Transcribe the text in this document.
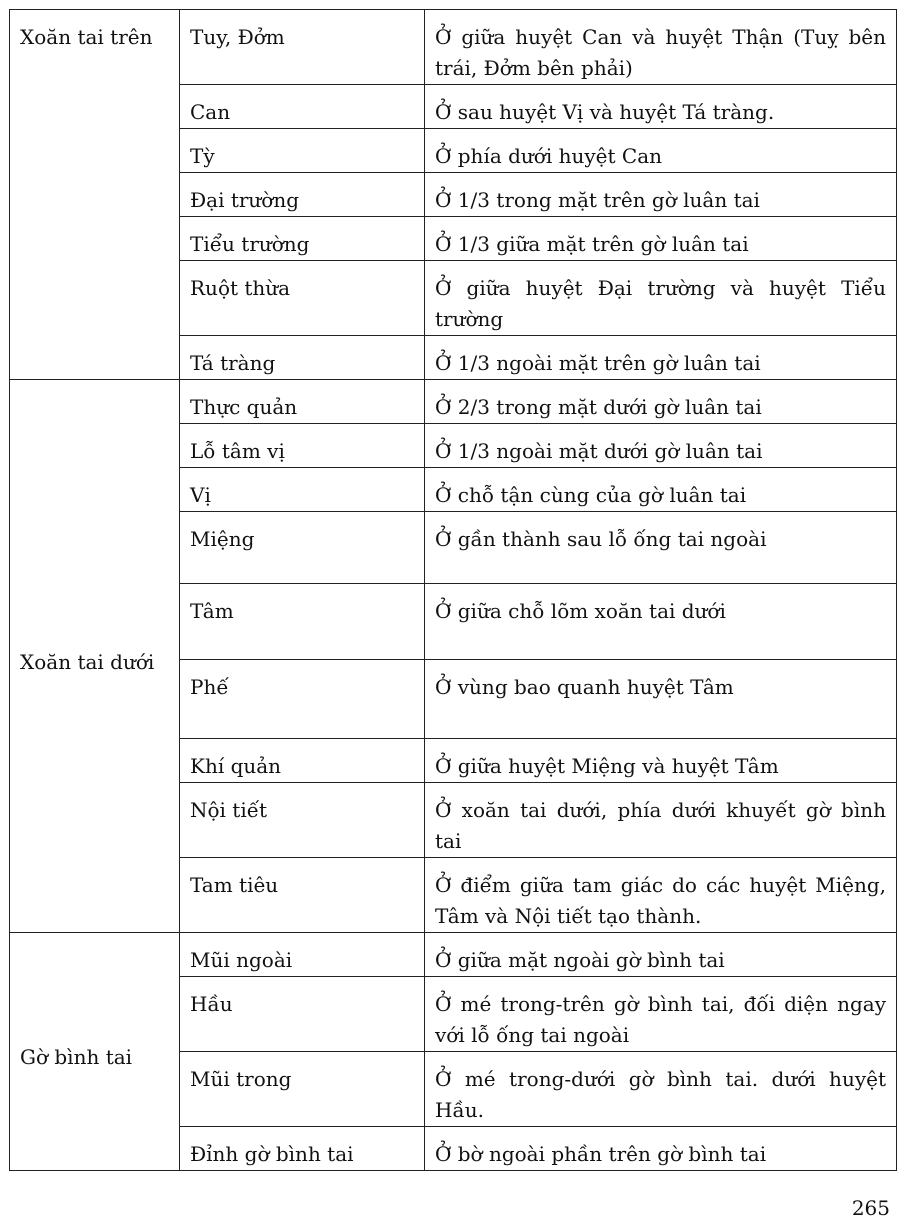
Xoăn tai trên	Tuy, Đởm	Ở giữa huyệt Can và huyệt Thận (Tuỵ bên trái, Đởm bên phải)
	Can	Ở sau huyệt Vị và huyệt Tá tràng.
	Tỳ	Ở phía dưới huyệt Can
	Đại trường	Ở 1/3 trong mặt trên gờ luân tai
	Tiểu trường	Ở 1/3 giữa mặt trên gờ luân tai
	Ruột thừa	Ở giữa huyệt Đại trường và huyệt Tiểu trường
	Tá tràng	Ở 1/3 ngoài mặt trên gờ luân tai

Xoăn tai dưới	Thực quản	Ở 2/3 trong mặt dưới gờ luân tai
	Lỗ tâm vị	Ở 1/3 ngoài mặt dưới gờ luân tai
	Vị	Ở chỗ tận cùng của gờ luân tai
	Miệng	Ở gần thành sau lỗ ống tai ngoài
	Tâm	Ở giữa chỗ lõm xoăn tai dưới
	Phế	Ở vùng bao quanh huyệt Tâm
	Khí quản	Ở giữa huyệt Miệng và huyệt Tâm
	Nội tiết	Ở xoăn tai dưới, phía dưới khuyết gờ bình tai
	Tam tiêu	Ở điểm giữa tam giác do các huyệt Miệng, Tâm và Nội tiết tạo thành.

Gờ bình tai	Mũi ngoài	Ở giữa mặt ngoài gờ bình tai
	Hầu	Ở mé trong-trên gờ bình tai, đối diện ngay với lỗ ống tai ngoài
	Mũi trong	Ở mé trong-dưới gờ bình tai. dưới huyệt Hầu.
	Đỉnh gờ bình tai	Ở bờ ngoài phần trên gờ bình tai
265
